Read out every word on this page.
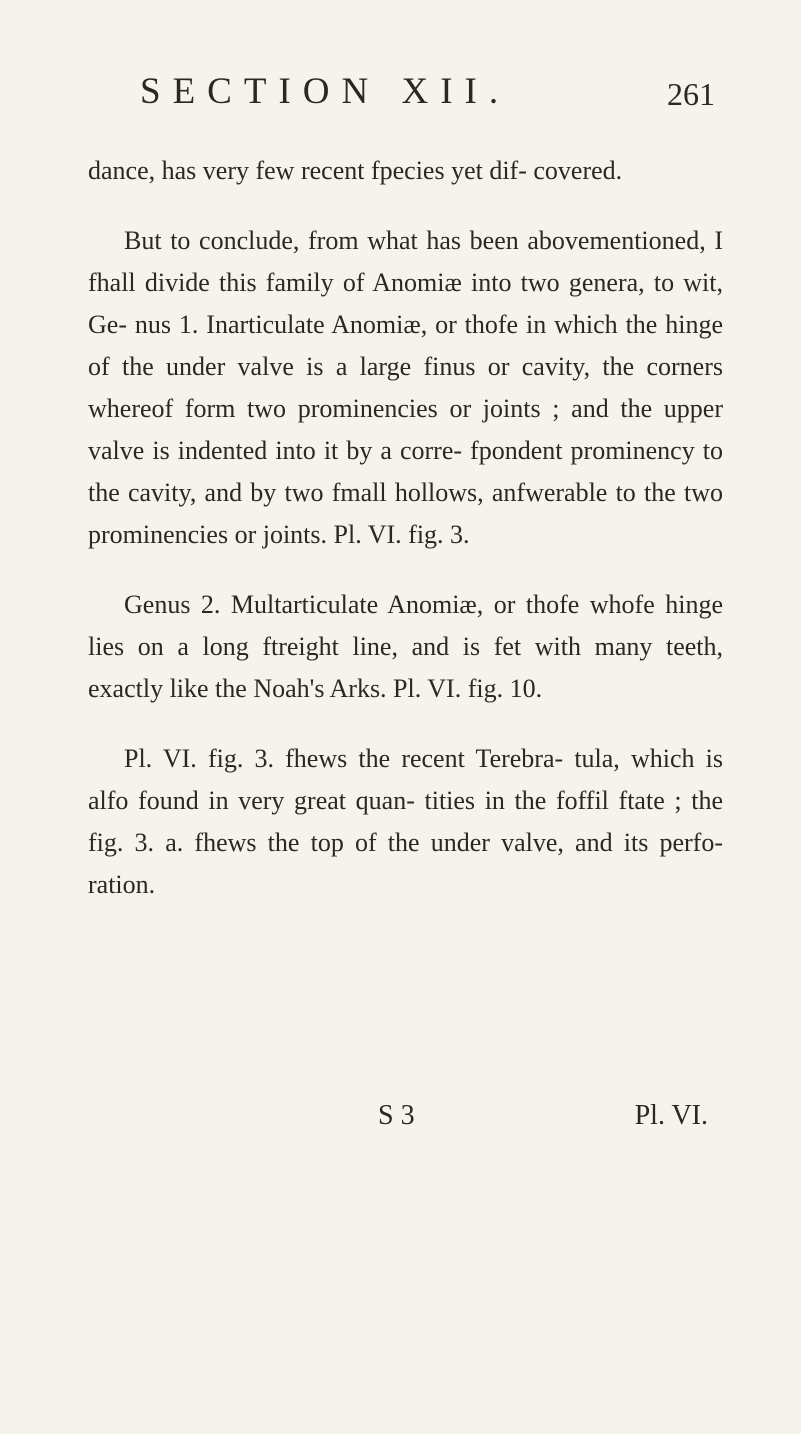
SECTION XII.	261

dance, has very few recent fpecies yet dif- covered.

But to conclude, from what has been abovementioned, I fhall divide this family of Anomiæ into two genera, to wit, Ge- nus 1. Inarticulate Anomiæ, or thofe in which the hinge of the under valve is a large finus or cavity, the corners whereof form two prominencies or joints ; and the upper valve is indented into it by a corre- fpondent prominency to the cavity, and by two fmall hollows, anfwerable to the two prominencies or joints. Pl. VI. fig. 3.

Genus 2. Multarticulate Anomiæ, or thofe whofe hinge lies on a long ftreight line, and is fet with many teeth, exactly like the Noah's Arks. Pl. VI. fig. 10.

Pl. VI. fig. 3. fhews the recent Terebra- tula, which is alfo found in very great quan- tities in the foffil ftate ; the fig. 3. a. fhews the top of the under valve, and its perfo- ration.

S 3	Pl. VI.
